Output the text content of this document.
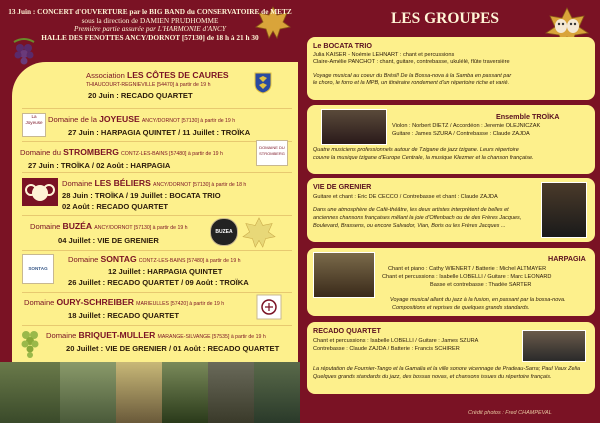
13 Juin : CONCERT d'OUVERTURE par le BIG BAND du CONSERVATOIRE de METZ
sous la direction de DAMIEN PRUDHOMME
Première partie assurée par L'HARMONIE d'ANCY
HALLE DES FENOTTES ANCY/DORNOT [57130] de 18 h à 21 h 30
Association LES CÔTES DE CAURES
THIAUCOURT-REGNIEVILLE [54470] à partir de 19 h
20 Juin : RECADO QUARTET
La Joyeuse Domaine de la JOYEUSE ANCY/DORNOT [57130] à partir de 19 h
27 Juin : HARPAGIA QUINTET / 11 Juillet : TROÏKA
Domaine du STROMBERG CONTZ-LES-BAINS [57480] à partir de 19 h
27 Juin : TROÏKA / 02 Août : HARPAGIA
DOMAINE DU STROMBERG
Domaine LES BÉLIERS ANCY/DORNOT [57130] à partir de 18 h
28 Juin : TROÏKA / 19 Juillet : BOCATA TRIO
02 Août : RECADO QUARTET
Domaine BUZÉA ANCY/DORNOT [57130] à partir de 19 h
04 Juillet : VIE DE GRENIER
BUZEA
SONTAG
Domaine SONTAG CONTZ-LES-BAINS [57480] à partir de 19 h
12 Juillet : HARPAGIA QUINTET
26 Juillet : RECADO QUARTET / 09 Août : TROÏKA
Domaine OURY-SCHREIBER MARIEULLES [57420] à partir de 19 h
18 Juillet : RECADO QUARTET
Domaine BRIQUET-MULLER MARANGE-SILVANGE [57535] à partir de 19 h
20 Juillet : VIE DE GRENIER / 01 Août : RECADO QUARTET
LES GROUPES
Le BOCATA TRIO
Julia KAISER - Noémie LEHNART : chant et percussions
Claire-Amélie PANCHOT : chant, guitare, contrebasse, ukulélé, flûte traversière
Voyage musical au coeur du Brésil! De la Bossa-nova à la Samba en passant par
le choro, le forro et la MPB, un itinéraire rondement d'un répertoire riche et varié.
Ensemble TROÏKA
Violon : Norbert DIETZ / Accordéon : Jeremie OLEJNICZAK
Guitare : James SZURA / Contrebasse : Claude ZAJDA
Quatre musiciens professionnels autour de Tzigane de jazz tzigane. Leurs répertoire
couvre la musique tzigane d'Europe Centrale, la musique Klezmer et la chanson française.
VIE DE GRENIER
Guitare et chant : Eric DE CECCO / Contrebasse et chant : Claude ZAJDA
Dans une atmosphère de Café-théâtre, les deux artistes interprètent de belles et
anciennes chansons françaises mêlant la joie d'Offenbach ou de des Frères Jacques,
Boulevard, Brassens, ou encore Salvador, Vian, Boris ou les Frères Jacques ...
HARPAGIA
Chant et piano : Cathy WIENERT / Batterie : Michel ALTMAYER
Chant et percussions : Isabelle LOBELLI / Guitare : Marc LEONARD
Basse et contrebasse : Thadée SARTER
Voyage musical allant du jazz à la fusion, en passant par la bossa-nova.
Compositions et reprises de quelques grands standards.
RECADO QUARTET
Chant et percussions : Isabelle LOBELLI / Guitare : James SZURA
Contrebasse : Claude ZAJDA / Batterie : Francis SCHIRER
La réputation de Fournier-Tango et la Gamalia et la ville sonore vicennage de Pradeau-Sarra; Paul Vaux Zelia
Quelques grands standards du jazz, des bossas novas, et chansons issues du répertoire français.
Crédit photos : Fred CHAMPEVAL
